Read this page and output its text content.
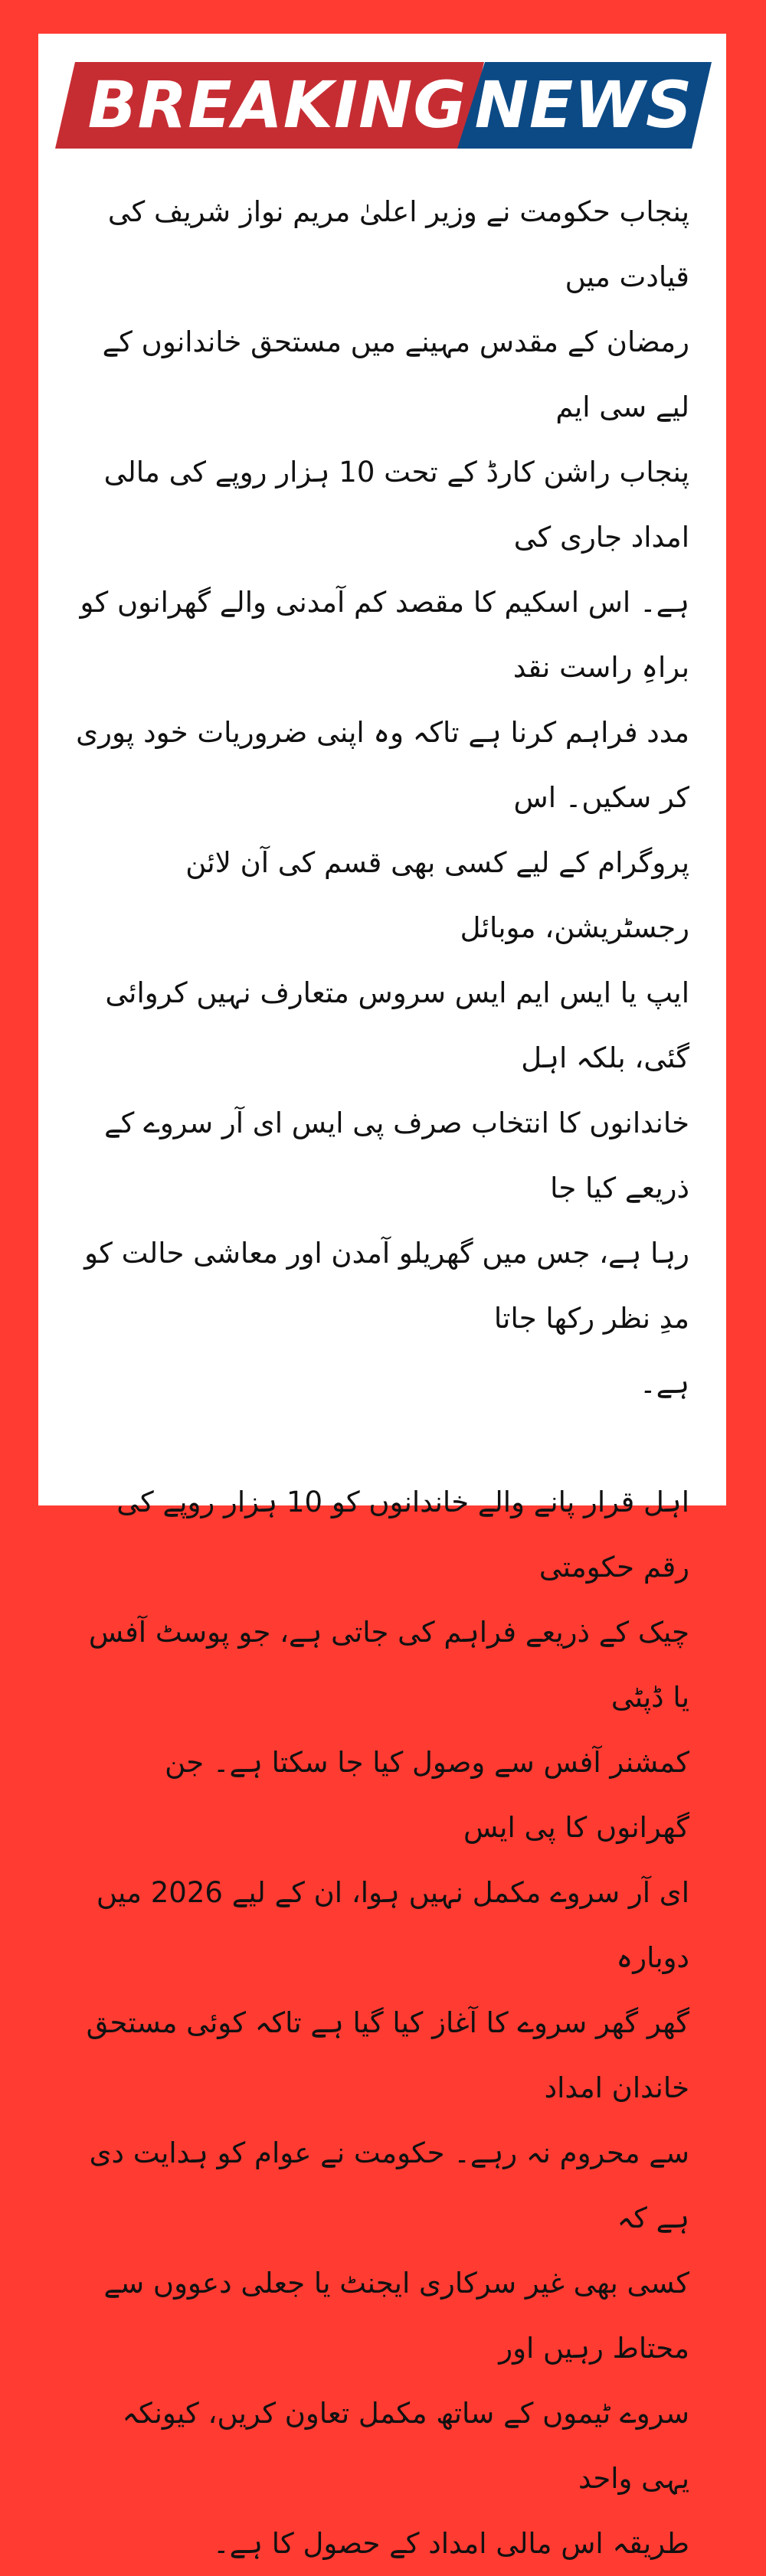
BREAKING NEWS

پنجاب حکومت نے وزیر اعلیٰ مریم نواز شریف کی قیادت میں
رمضان کے مقدس مہینے میں مستحق خاندانوں کے لیے سی ایم
پنجاب راشن کارڈ کے تحت 10 ہزار روپے کی مالی امداد جاری کی
ہے۔ اس اسکیم کا مقصد کم آمدنی والے گھرانوں کو براہِ راست نقد
مدد فراہم کرنا ہے تاکہ وہ اپنی ضروریات خود پوری کر سکیں۔ اس
پروگرام کے لیے کسی بھی قسم کی آن لائن رجسٹریشن، موبائل
ایپ یا ایس ایم ایس سروس متعارف نہیں کروائی گئی، بلکہ اہل
خاندانوں کا انتخاب صرف پی ایس ای آر سروے کے ذریعے کیا جا
رہا ہے، جس میں گھریلو آمدن اور معاشی حالت کو مدِ نظر رکھا جاتا
ہے۔

اہل قرار پانے والے خاندانوں کو 10 ہزار روپے کی رقم حکومتی
چیک کے ذریعے فراہم کی جاتی ہے، جو پوسٹ آفس یا ڈپٹی
کمشنر آفس سے وصول کیا جا سکتا ہے۔ جن گھرانوں کا پی ایس
ای آر سروے مکمل نہیں ہوا، ان کے لیے 2026 میں دوبارہ
گھر گھر سروے کا آغاز کیا گیا ہے تاکہ کوئی مستحق خاندان امداد
سے محروم نہ رہے۔ حکومت نے عوام کو ہدایت دی ہے کہ
کسی بھی غیر سرکاری ایجنٹ یا جعلی دعووں سے محتاط رہیں اور
سروے ٹیموں کے ساتھ مکمل تعاون کریں، کیونکہ یہی واحد
طریقہ اس مالی امداد کے حصول کا ہے۔
